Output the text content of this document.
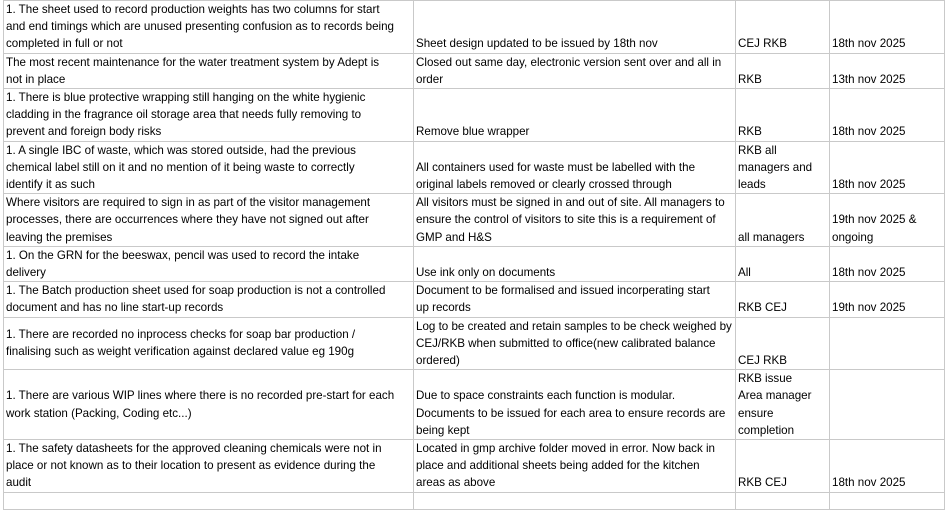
1. The sheet used to record production weights has two columns for start
and end timings which are unused presenting confusion as to records being
completed in full or not	Sheet design updated to be issued by 18th nov	CEJ RKB	18th nov 2025
The most recent maintenance for the water treatment system by Adept is
not in place	Closed out same day, electronic version sent over and all in
order	RKB	13th nov 2025
1. There is blue protective wrapping still hanging on the white hygienic
cladding in the fragrance oil storage area that needs fully removing to
prevent and foreign body risks	Remove blue wrapper	RKB	18th nov 2025
1. A single IBC of waste, which was stored outside, had the previous
chemical label still on it and no mention of it being waste to correctly
identify it as such	All containers used for waste must be labelled with the
original labels removed or clearly crossed through	RKB all
managers and
leads	18th nov 2025
Where visitors are required to sign in as part of the visitor management
processes, there are occurrences where they have not signed out after
leaving the premises	All visitors must be signed in and out of site. All managers to
ensure the control of visitors to site this is a requirement of
GMP and H&S	all managers	19th nov 2025 &
ongoing
1. On the GRN for the beeswax, pencil was used to record the intake
delivery	Use ink only on documents	All	18th nov 2025
1. The Batch production sheet used for soap production is not a controlled
document and has no line start-up records	Document to be formalised and issued incorperating start
up records	RKB CEJ	19th nov 2025
1. There are recorded no inprocess checks for soap bar production /
finalising such as weight verification against declared value eg 190g	Log to be created and retain samples to be check weighed by
CEJ/RKB when submitted to office(new calibrated balance
ordered)	CEJ RKB	
1. There are various WIP lines where there is no recorded pre-start for each
work station (Packing, Coding etc...)	Due to space constraints each function is modular.
Documents to be issued for each area to ensure records are
being kept	RKB issue
Area manager
ensure
completion	
1. The safety datasheets for the approved cleaning chemicals were not in
place or not known as to their location to present as evidence during the
audit	Located in gmp archive folder moved in error. Now back in
place and additional sheets being added for the kitchen
areas as above	RKB CEJ	18th nov 2025
